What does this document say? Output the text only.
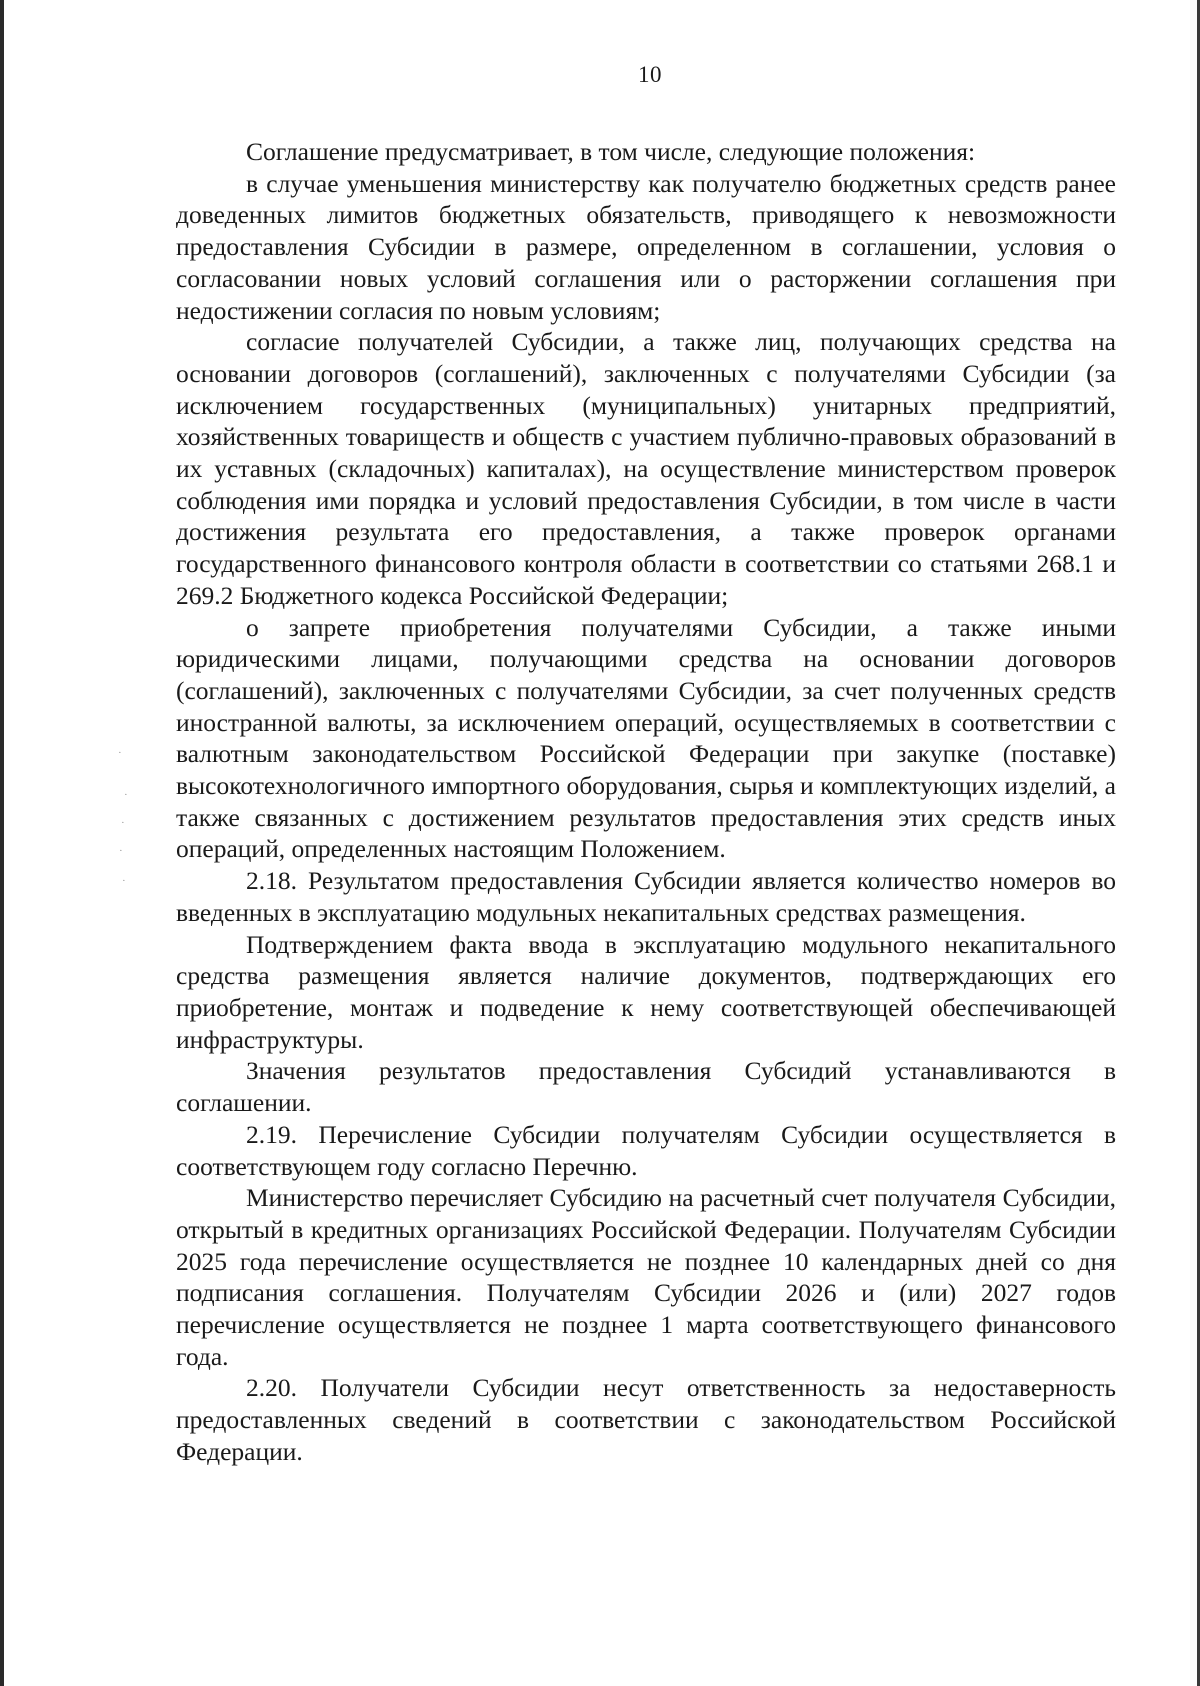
10

Соглашение предусматривает, в том числе, следующие положения:

в случае уменьшения министерству как получателю бюджетных средств ранее доведенных лимитов бюджетных обязательств, приводящего к невозможности предоставления Субсидии в размере, определенном в соглашении, условия о согласовании новых условий соглашения или о расторжении соглашения при недостижении согласия по новым условиям;

согласие получателей Субсидии, а также лиц, получающих средства на основании договоров (соглашений), заключенных с получателями Субсидии (за исключением государственных (муниципальных) унитарных предприятий, хозяйственных товариществ и обществ с участием публично-правовых образований в их уставных (складочных) капиталах), на осуществление министерством проверок соблюдения ими порядка и условий предоставления Субсидии, в том числе в части достижения результата его предоставления, а также проверок органами государственного финансового контроля области в соответствии со статьями 268.1 и 269.2 Бюджетного кодекса Российской Федерации;

о запрете приобретения получателями Субсидии, а также иными юридическими лицами, получающими средства на основании договоров (соглашений), заключенных с получателями Субсидии, за счет полученных средств иностранной валюты, за исключением операций, осуществляемых в соответствии с валютным законодательством Российской Федерации при закупке (поставке) высокотехнологичного импортного оборудования, сырья и комплектующих изделий, а также связанных с достижением результатов предоставления этих средств иных операций, определенных настоящим Положением.

2.18. Результатом предоставления Субсидии является количество номеров во введенных в эксплуатацию модульных некапитальных средствах размещения.

Подтверждением факта ввода в эксплуатацию модульного некапитального средства размещения является наличие документов, подтверждающих его приобретение, монтаж и подведение к нему соответствующей обеспечивающей инфраструктуры.

Значения результатов предоставления Субсидий устанавливаются в соглашении.

2.19. Перечисление Субсидии получателям Субсидии осуществляется в соответствующем году согласно Перечню.

Министерство перечисляет Субсидию на расчетный счет получателя Субсидии, открытый в кредитных организациях Российской Федерации. Получателям Субсидии 2025 года перечисление осуществляется не позднее 10 календарных дней со дня подписания соглашения. Получателям Субсидии 2026 и (или) 2027 годов перечисление осуществляется не позднее 1 марта соответствующего финансового года.

2.20. Получатели Субсидии несут ответственность за недоставерность предоставленных сведений в соответствии с законодательством Российской Федерации.

·
·
·
·
·
